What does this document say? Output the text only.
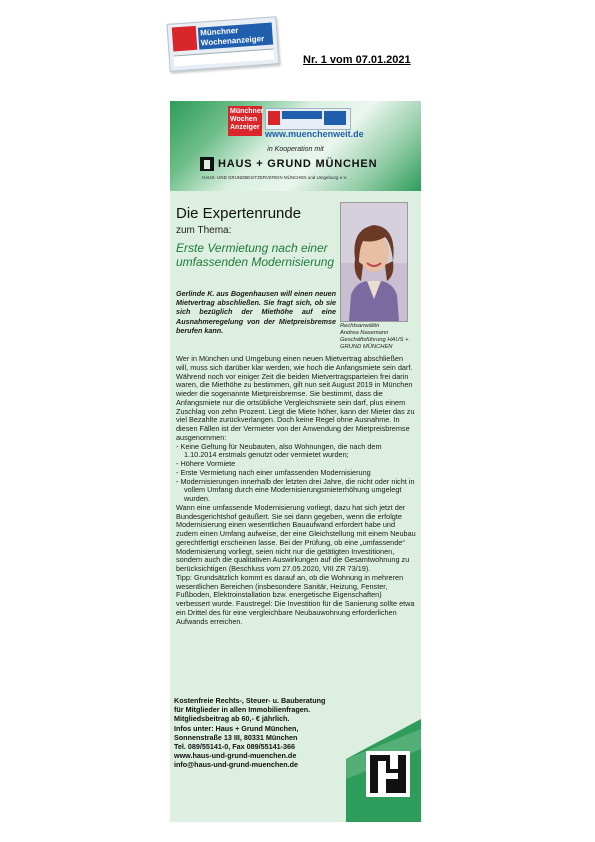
Münchner
Wochenanzeiger
Nr. 1 vom 07.01.2021
Münchner
Wochen
Anzeiger
www.muenchenweit.de
in Kooperation mit
HAUS + GRUND MÜNCHEN
HAUS- UND GRUNDBESITZERVEREIN MÜNCHEN und Umgebung e.V.
Die Expertenrunde
zum Thema:
Erste Vermietung nach einer umfassenden Modernisierung
Gerlinde K. aus Bogenhausen will einen neuen Mietvertrag abschließen. Sie fragt sich, ob sie sich bezüglich der Miethöhe auf eine Ausnahmeregelung von der Mietpreisbremse berufen kann.	Rechtsanwältin
Andrea Nasemann
Geschäftsführung HAUS +
GRUND MÜNCHEN

Wer in München und Umgebung einen neuen Mietvertrag abschließen will, muss sich darüber klar werden, wie hoch die Anfangsmiete sein darf. Während noch vor einiger Zeit die beiden Mietvertragsparteien frei darin waren, die Miethöhe zu bestimmen, gilt nun seit August 2019 in München wieder die sogenannte Mietpreisbremse. Sie bestimmt, dass die Anfangsmiete nur die ortsübliche Vergleichsmiete sein darf, plus einem Zuschlag von zehn Prozent. Liegt die Miete höher, kann der Mieter das zu viel Bezahlte zurückverlangen. Doch keine Regel ohne Ausnahme. In diesen Fällen ist der Vermieter von der Anwendung der Mietpreisbremse ausgenommen:

- Keine Geltung für Neubauten, also Wohnungen, die nach dem 1.10.2014 erstmals genutzt oder vermietet wurden;

- Höhere Vormiete

- Erste Vermietung nach einer umfassenden Modernisierung

- Modernisierungen innerhalb der letzten drei Jahre, die nicht oder nicht in vollem Umfang durch eine Modernisierungsmieterhöhung umgelegt wurden.

Wann eine umfassende Modernisierung vorliegt, dazu hat sich jetzt der Bundesgerichtshof geäußert. Sie sei dann gegeben, wenn die erfolgte Modernisierung einen wesentlichen Bauaufwand erfordert habe und zudem einen Umfang aufweise, der eine Gleichstellung mit einem Neubau gerechtfertigt erscheinen lasse. Bei der Prüfung, ob eine „umfassende“ Modernisierung vorliegt, seien nicht nur die getätigten Investitionen, sondern auch die qualitativen Auswirkungen auf die Gesamtwohnung zu berücksichtigen (Beschluss vom 27.05.2020, VIII ZR 73/19).

Tipp: Grundsätzlich kommt es darauf an, ob die Wohnung in mehreren wesentlichen Bereichen (insbesondere Sanitär, Heizung, Fenster, Fußboden, Elektroinstallation bzw. energetische Eigenschaften) verbessert wurde. Faustregel: Die Investition für die Sanierung sollte etwa ein Drittel des für eine vergleichbare Neubauwohnung erforderlichen Aufwands erreichen.

Kostenfreie Rechts-, Steuer- u. Bauberatung
für Mitglieder in allen Immobilienfragen.
Mitgliedsbeitrag ab 60,- € jährlich.
Infos unter: Haus + Grund München,
Sonnenstraße 13 III, 80331 München
Tel. 089/55141-0, Fax 089/55141-366
www.haus-und-grund-muenchen.de
info@haus-und-grund-muenchen.de
